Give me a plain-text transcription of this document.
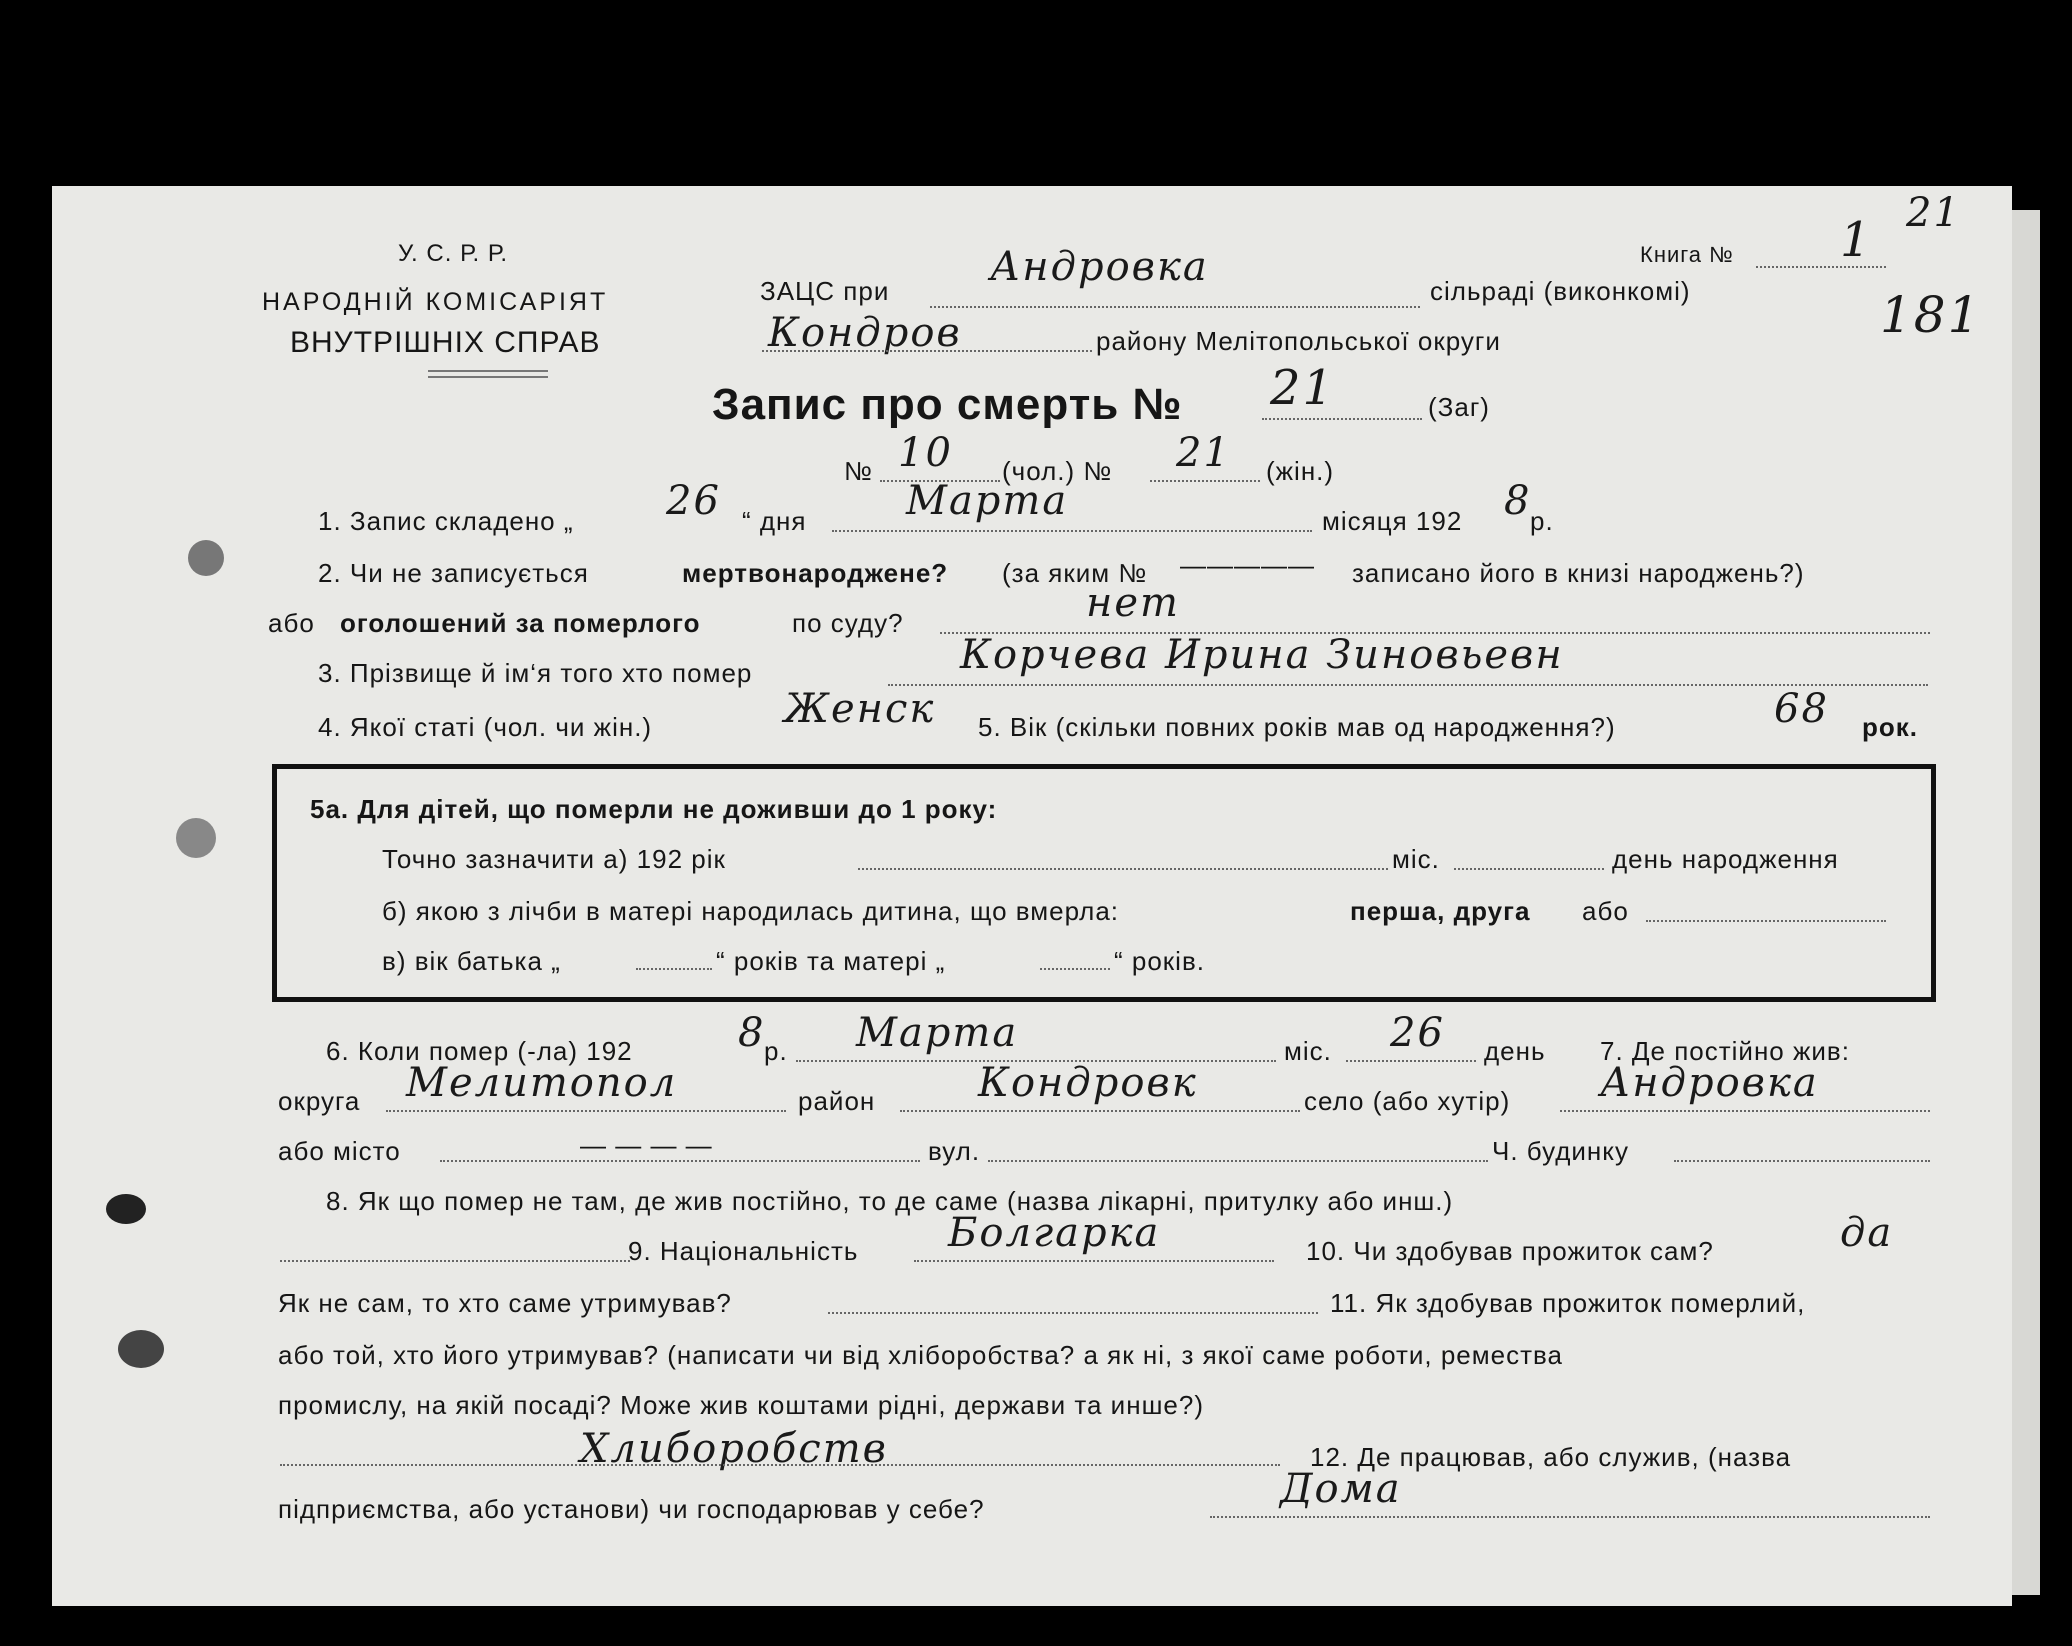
У. С. Р. Р.
НАРОДНІЙ КОМІСАРІЯТ
ВНУТРІШНІХ СПРАВ
ЗАЦС при
Андровка
сільраді (виконкомі)
Кондров	району Мелітопольської округи
Книга № 1 21
181
Запис про смерть № 21	(Заг)
№ 10 (чол.) № 21 (жін.)
1. Запис складено „ 26 “ дня Марта	місяця 192 8
р.
2. Чи не записується	мертвонароджене? (за яким № ————— записано його в книзі народжень?)
або оголошений за померлого	по суду?	нет
3. Прізвище й ім‘я того хто помер	Корчева Ирина Зиновьевн
4. Якої статі (чол. чи жін.)	Женск 5. Вік (скільки повних років мав од народження?)	68 рок.
5а. Для дітей, що померли не доживши до 1 року:
Точно зазначити а) 192 рік	міс.	день народження
б) якою з лічби в матері народилась дитина, що вмерла:	перша, друга або
в) вік батька „	“ років та матері „	“ років.
6. Коли помер (-ла) 192	8
р. Марта	міс. 26 день 7. Де постійно жив:
округа Мелитопол	район	Кондровк	село (або хутір) Андровка
або місто	— — — —	вул.	Ч. будинку
8. Як що помер не там, де жив постійно, то де саме (назва лікарні, притулку або инш.)
9. Національність Болгарка	10. Чи здобував прожиток сам?	да
Як не сам, то хто саме утримував?	11. Як здобував прожиток померлий,
або той, хто його утримував? (написати чи від хліборобства? а як ні, з якої саме роботи, ремества
промислу, на якій посаді? Може жив коштами рідні, держави та инше?)
Хлиборобств	12. Де працював, або служив, (назва
підприємства, або установи) чи господарював у себе?	Дома
